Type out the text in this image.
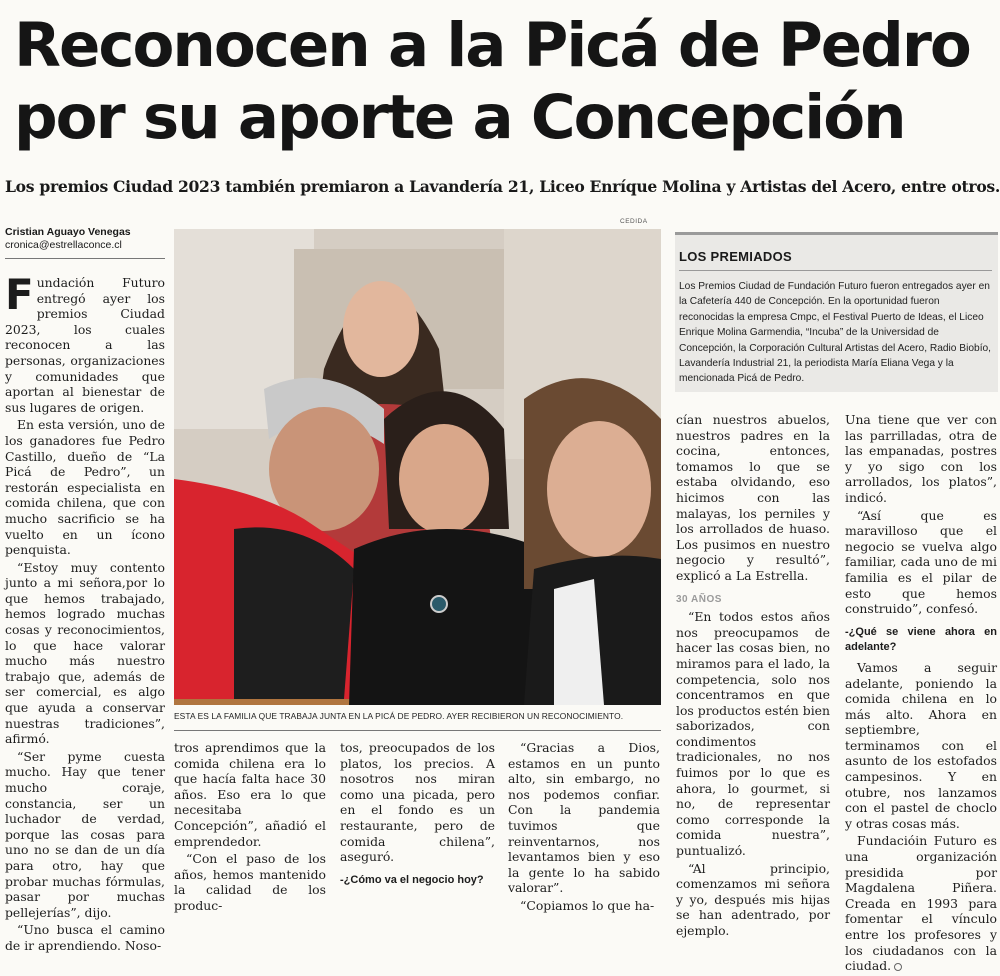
Reconocen a la Picá de Pedro
por su aporte a Concepción
Los premios Ciudad 2023 también premiaron a Lavandería 21, Liceo Enríque Molina y Artistas del Acero, entre otros.
Cristian Aguayo Venegas
cronica@estrellaconce.cl
CEDIDA
ESTA ES LA FAMILIA QUE TRABAJA JUNTA EN LA PICÁ DE PEDRO. AYER RECIBIERON UN RECONOCIMIENTO.

Fundación Futuro entregó ayer los premios Ciudad 2023, los cuales reconocen a las personas, organizaciones y comunidades que aportan al bienestar de sus lugares de origen.

En esta versión, uno de los ganadores fue Pedro Castillo, dueño de “La Picá de Pedro”, un restorán especialista en comida chilena, que con mucho sacrificio se ha vuelto en un ícono penquista.

“Estoy muy contento junto a mi señora,por lo que hemos trabajado, hemos logrado muchas cosas y reconocimientos, lo que hace valorar mucho más nuestro trabajo que, además de ser comercial, es algo que ayuda a conservar nuestras tradiciones”, afirmó.

“Ser pyme cuesta mucho. Hay que tener mucho coraje, constancia, ser un luchador de verdad, porque las cosas para uno no se dan de un día para otro, hay que probar muchas fórmulas, pasar por muchas pellejerías”, dijo.

“Uno busca el camino de ir aprendiendo. Noso-

tros aprendimos que la comida chilena era lo que hacía falta hace 30 años. Eso era lo que necesitaba Concepción”, añadió el emprendedor.

“Con el paso de los años, hemos mantenido la calidad de los produc-

tos, preocupados de los platos, los precios. A nosotros nos miran como una picada, pero en el fondo es un restaurante, pero de comida chilena”, aseguró.

-¿Cómo va el negocio hoy?

“Gracias a Dios, estamos en un punto alto, sin embargo, no nos podemos confiar. Con la pandemia tuvimos que reinventarnos, nos levantamos bien y eso la gente lo ha sabido valorar”.

“Copiamos lo que ha-

LOS PREMIADOS
Los Premios Ciudad de Fundación Futuro fueron entregados ayer en la Cafetería 440 de Concepción. En la oportunidad fueron reconocidas la empresa Cmpc, el Festival Puerto de Ideas, el Liceo Enrique Molina Garmendia, “Incuba” de la Universidad de Concepción, la Corporación Cultural Artistas del Acero, Radio Biobío, Lavandería Industrial 21, la periodista María Eliana Vega y la mencionada Picá de Pedro.

cían nuestros abuelos, nuestros padres en la cocina, entonces, tomamos lo que se estaba olvidando, eso hicimos con las malayas, los perniles y los arrollados de huaso. Los pusimos en nuestro negocio y resultó”, explicó a La Estrella.

30 AÑOS

“En todos estos años nos preocupamos de hacer las cosas bien, no miramos para el lado, la competencia, solo nos concentramos en que los productos estén bien saborizados, con condimentos tradicionales, no nos fuimos por lo que es ahora, lo gourmet, si no, de representar como corresponde la comida nuestra”, puntualizó.

“Al principio, comenzamos mi señora y yo, después mis hijas se han adentrado, por ejemplo.

Una tiene que ver con las parrilladas, otra de las empanadas, postres y yo sigo con los arrollados, los platos”, indicó.

“Así que es maravilloso que el negocio se vuelva algo familiar, cada uno de mi familia es el pilar de esto que hemos construido”, confesó.

-¿Qué se viene ahora en adelante?

Vamos a seguir adelante, poniendo la comida chilena en lo más alto. Ahora en septiembre, terminamos con el asunto de los estofados campesinos. Y en otubre, nos lanzamos con el pastel de choclo y otras cosas más.

Fundacióin Futuro es una organización presidida por Magdalena Piñera. Creada en 1993 para fomentar el vínculo entre los profesores y los ciudadanos con la ciudad.
